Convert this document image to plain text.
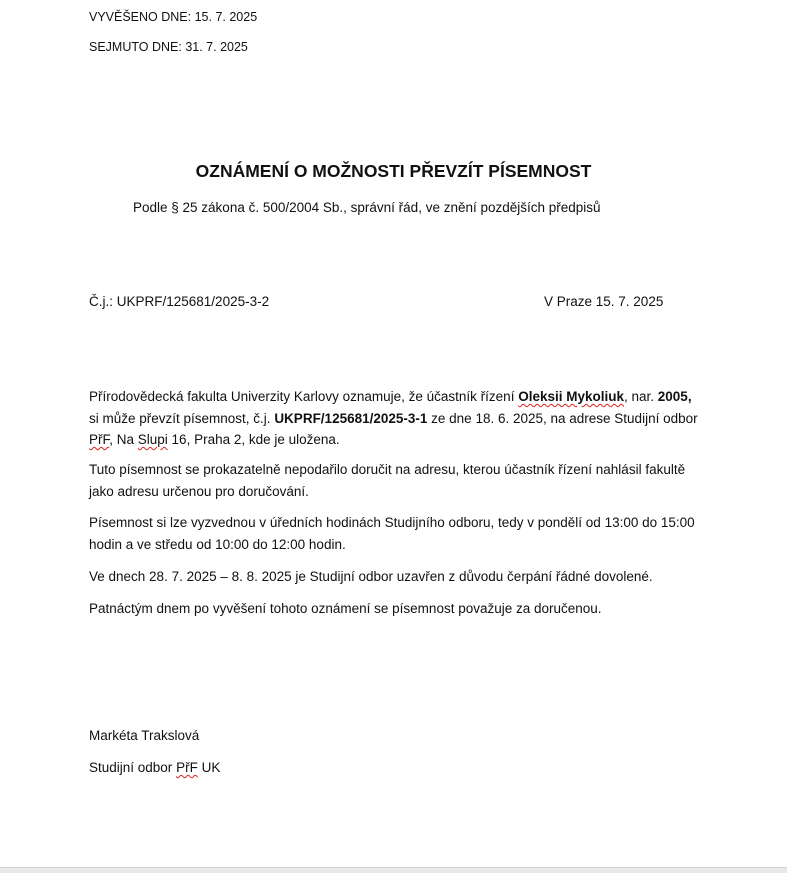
VYVĚŠENO DNE: 15. 7. 2025
SEJMUTO DNE: 31. 7. 2025
OZNÁMENÍ O MOŽNOSTI PŘEVZÍT PÍSEMNOST
Podle § 25 zákona č. 500/2004 Sb., správní řád, ve znění pozdějších předpisů
Č.j.: UKPRF/125681/2025-3-2	V Praze 15. 7. 2025
Přírodovědecká fakulta Univerzity Karlovy oznamuje, že účastník řízení Oleksii Mykoliuk, nar. 2005, si může převzít písemnost, č.j. UKPRF/125681/2025-3-1 ze dne 18. 6. 2025, na adrese Studijní odbor PřF, Na Slupi 16, Praha 2, kde je uložena.
Tuto písemnost se prokazatelně nepodařilo doručit na adresu, kterou účastník řízení nahlásil fakultě jako adresu určenou pro doručování.
Písemnost si lze vyzvednou v úředních hodinách Studijního odboru, tedy v pondělí od 13:00 do 15:00 hodin a ve středu od 10:00 do 12:00 hodin.
Ve dnech 28. 7. 2025 – 8. 8. 2025 je Studijní odbor uzavřen z důvodu čerpání řádné dovolené.
Patnáctým dnem po vyvěšení tohoto oznámení se písemnost považuje za doručenou.
Markéta Trakslová
Studijní odbor PřF UK
